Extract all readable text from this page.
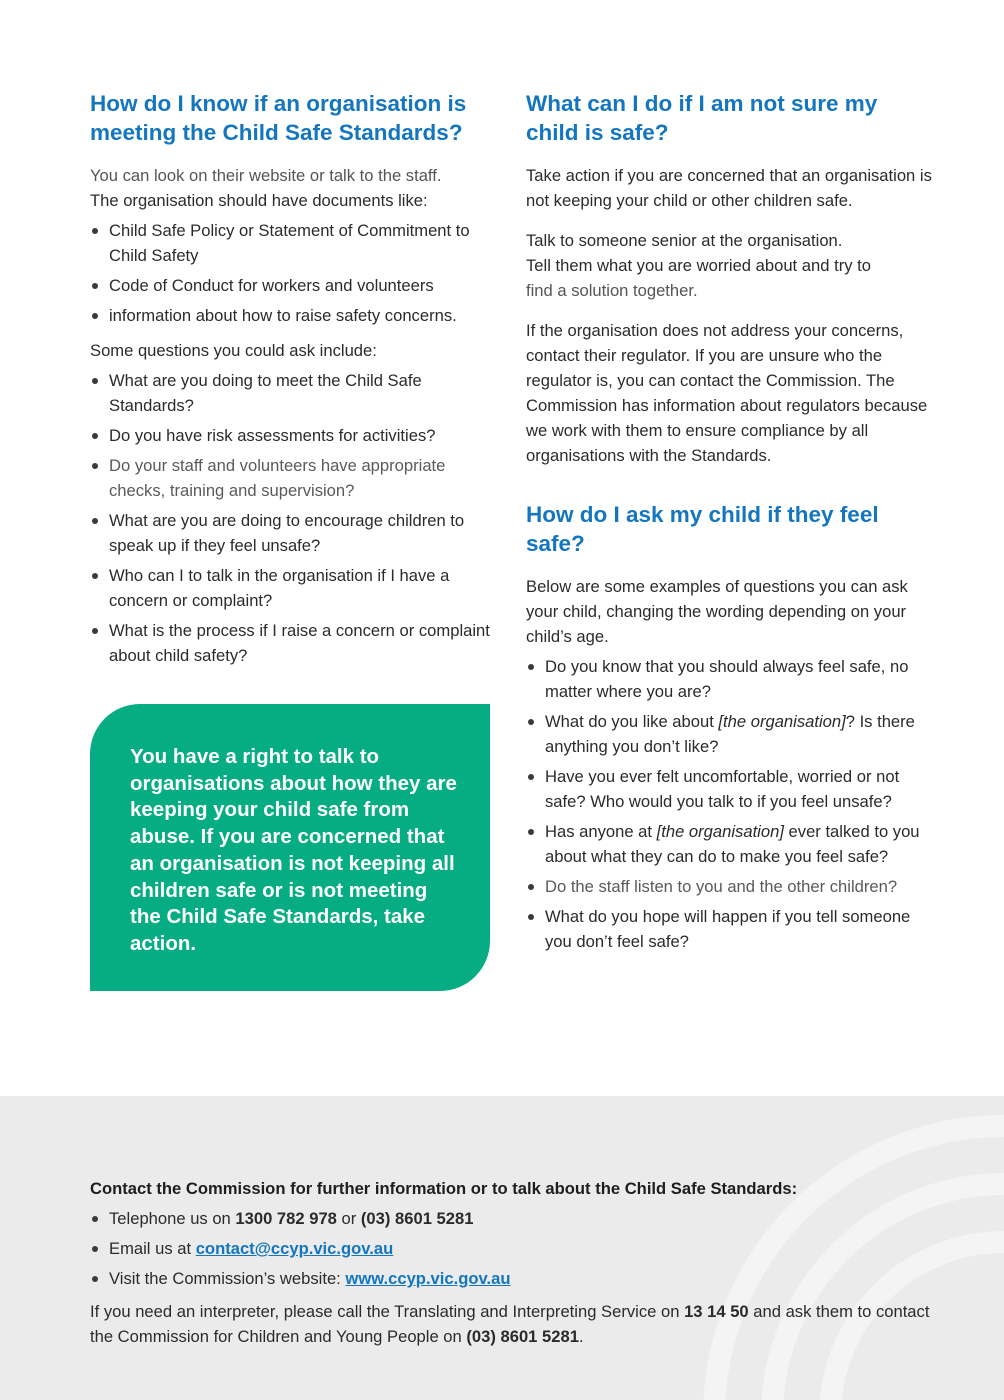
How do I know if an organisation is meeting the Child Safe Standards?

You can look on their website or talk to the staff.

The organisation should have documents like:

Child Safe Policy or Statement of Commitment to Child Safety
Code of Conduct for workers and volunteers
information about how to raise safety concerns.

Some questions you could ask include:

What are you doing to meet the Child Safe Standards?
Do you have risk assessments for activities?
Do your staff and volunteers have appropriate checks, training and supervision?
What are you are doing to encourage children to speak up if they feel unsafe?
Who can I to talk in the organisation if I have a concern or complaint?
What is the process if I raise a concern or complaint about child safety?

You have a right to talk to organisations about how they are keeping your child safe from abuse. If you are concerned that an organisation is not keeping all children safe or is not meeting the Child Safe Standards, take action.

What can I do if I am not sure my child is safe?

Take action if you are concerned that an organisation is not keeping your child or other children safe.

Talk to someone senior at the organisation.
Tell them what you are worried about and try to
find a solution together.

If the organisation does not address your concerns, contact their regulator. If you are unsure who the regulator is, you can contact the Commission. The Commission has information about regulators because we work with them to ensure compliance by all organisations with the Standards.

How do I ask my child if they feel safe?

Below are some examples of questions you can ask your child, changing the wording depending on your child’s age.

Do you know that you should always feel safe, no matter where you are?
What do you like about [the organisation]? Is there anything you don’t like?
Have you ever felt uncomfortable, worried or not safe? Who would you talk to if you feel unsafe?
Has anyone at [the organisation] ever talked to you about what they can do to make you feel safe?
Do the staff listen to you and the other children?
What do you hope will happen if you tell someone you don’t feel safe?

Contact the Commission for further information or to talk about the Child Safe Standards:

Telephone us on 1300 782 978 or (03) 8601 5281
Email us at contact@ccyp.vic.gov.au
Visit the Commission’s website: www.ccyp.vic.gov.au

If you need an interpreter, please call the Translating and Interpreting Service on 13 14 50 and ask them to contact the Commission for Children and Young People on (03) 8601 5281.
